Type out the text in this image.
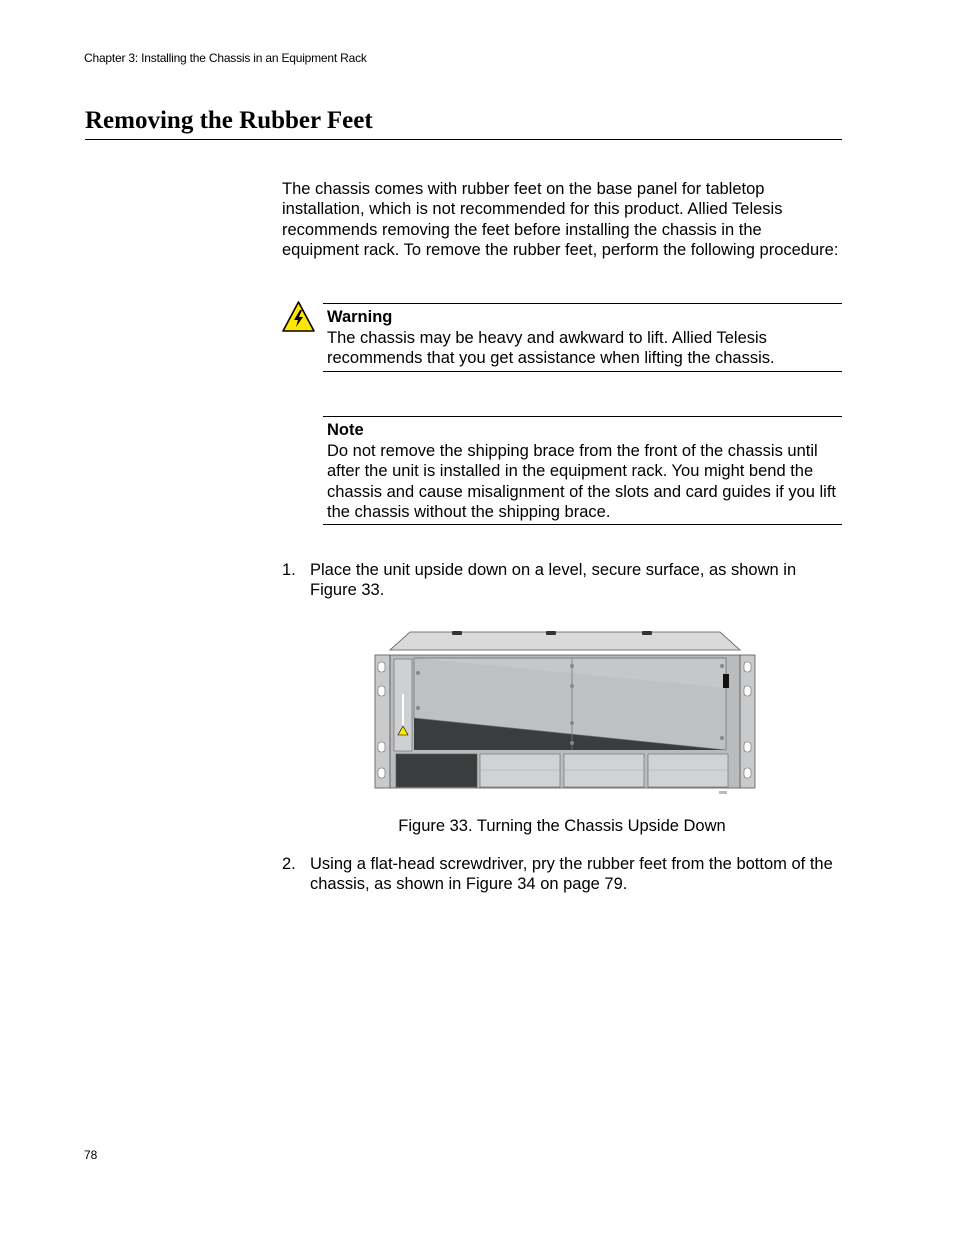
Chapter 3: Installing the Chassis in an Equipment Rack
Removing the Rubber Feet

The chassis comes with rubber feet on the base panel for tabletop installation, which is not recommended for this product. Allied Telesis recommends removing the feet before installing the chassis in the equipment rack. To remove the rubber feet, perform the following procedure:

Warning

The chassis may be heavy and awkward to lift. Allied Telesis recommends that you get assistance when lifting the chassis.

Note

Do not remove the shipping brace from the front of the chassis until after the unit is installed in the equipment rack. You might bend the chassis and cause misalignment of the slots and card guides if you lift the chassis without the shipping brace.

1. Place the unit upside down on a level, secure surface, as shown in Figure 33.
Figure 33. Turning the Chassis Upside Down
2. Using a flat-head screwdriver, pry the rubber feet from the bottom of the chassis, as shown in Figure 34 on page 79.
78
